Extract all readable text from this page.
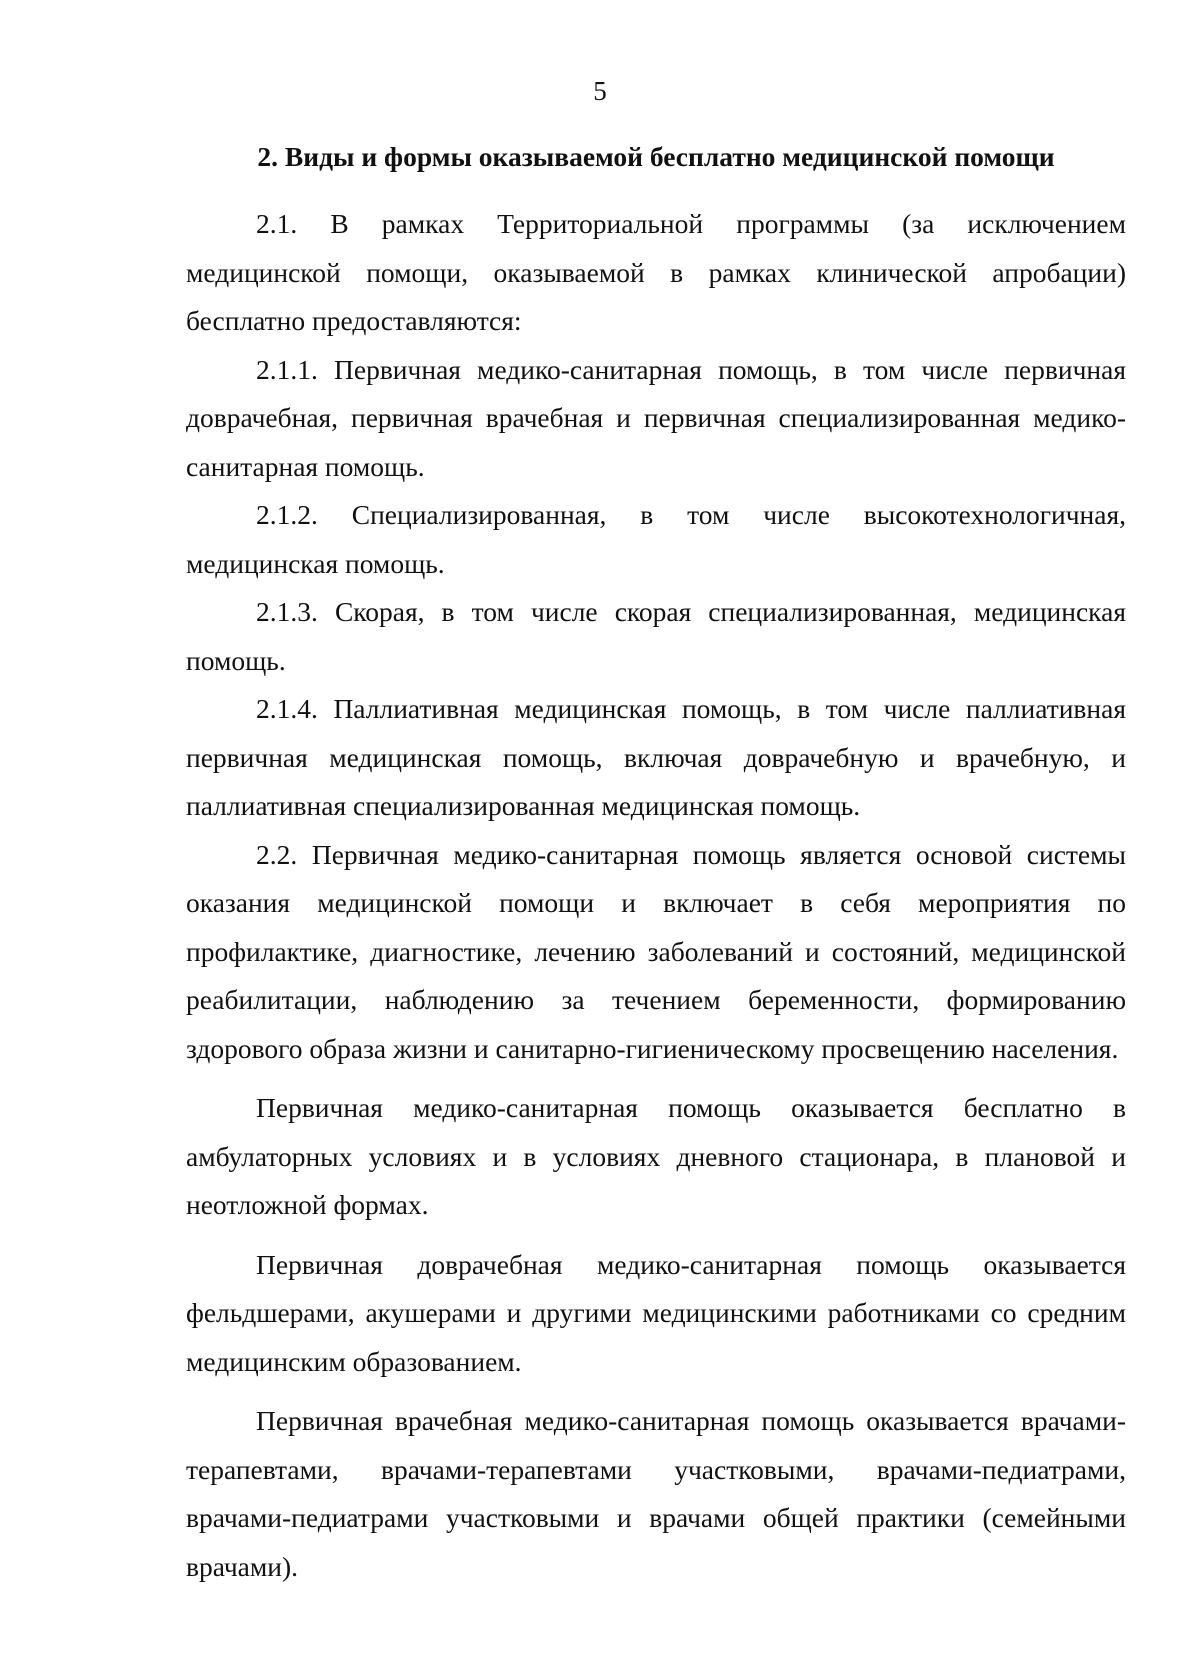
5
2. Виды и формы оказываемой бесплатно медицинской помощи

2.1. В рамках Территориальной программы (за исключением медицинской помощи, оказываемой в рамках клинической апробации) бесплатно предоставляются:

2.1.1. Первичная медико-санитарная помощь, в том числе первичная доврачебная, первичная врачебная и первичная специализированная медико-санитарная помощь.

2.1.2. Специализированная, в том числе высокотехнологичная, медицинская помощь.

2.1.3. Скорая, в том числе скорая специализированная, медицинская помощь.

2.1.4. Паллиативная медицинская помощь, в том числе паллиативная первичная медицинская помощь, включая доврачебную и врачебную, и паллиативная специализированная медицинская помощь.

2.2. Первичная медико-санитарная помощь является основой системы оказания медицинской помощи и включает в себя мероприятия по профилактике, диагностике, лечению заболеваний и состояний, медицинской реабилитации, наблюдению за течением беременности, формированию здорового образа жизни и санитарно-гигиеническому просвещению населения.

Первичная медико-санитарная помощь оказывается бесплатно в амбулаторных условиях и в условиях дневного стационара, в плановой и неотложной формах.

Первичная доврачебная медико-санитарная помощь оказывается фельдшерами, акушерами и другими медицинскими работниками со средним медицинским образованием.

Первичная врачебная медико-санитарная помощь оказывается врачами-терапевтами, врачами-терапевтами участковыми, врачами-педиатрами, врачами-педиатрами участковыми и врачами общей практики (семейными врачами).
